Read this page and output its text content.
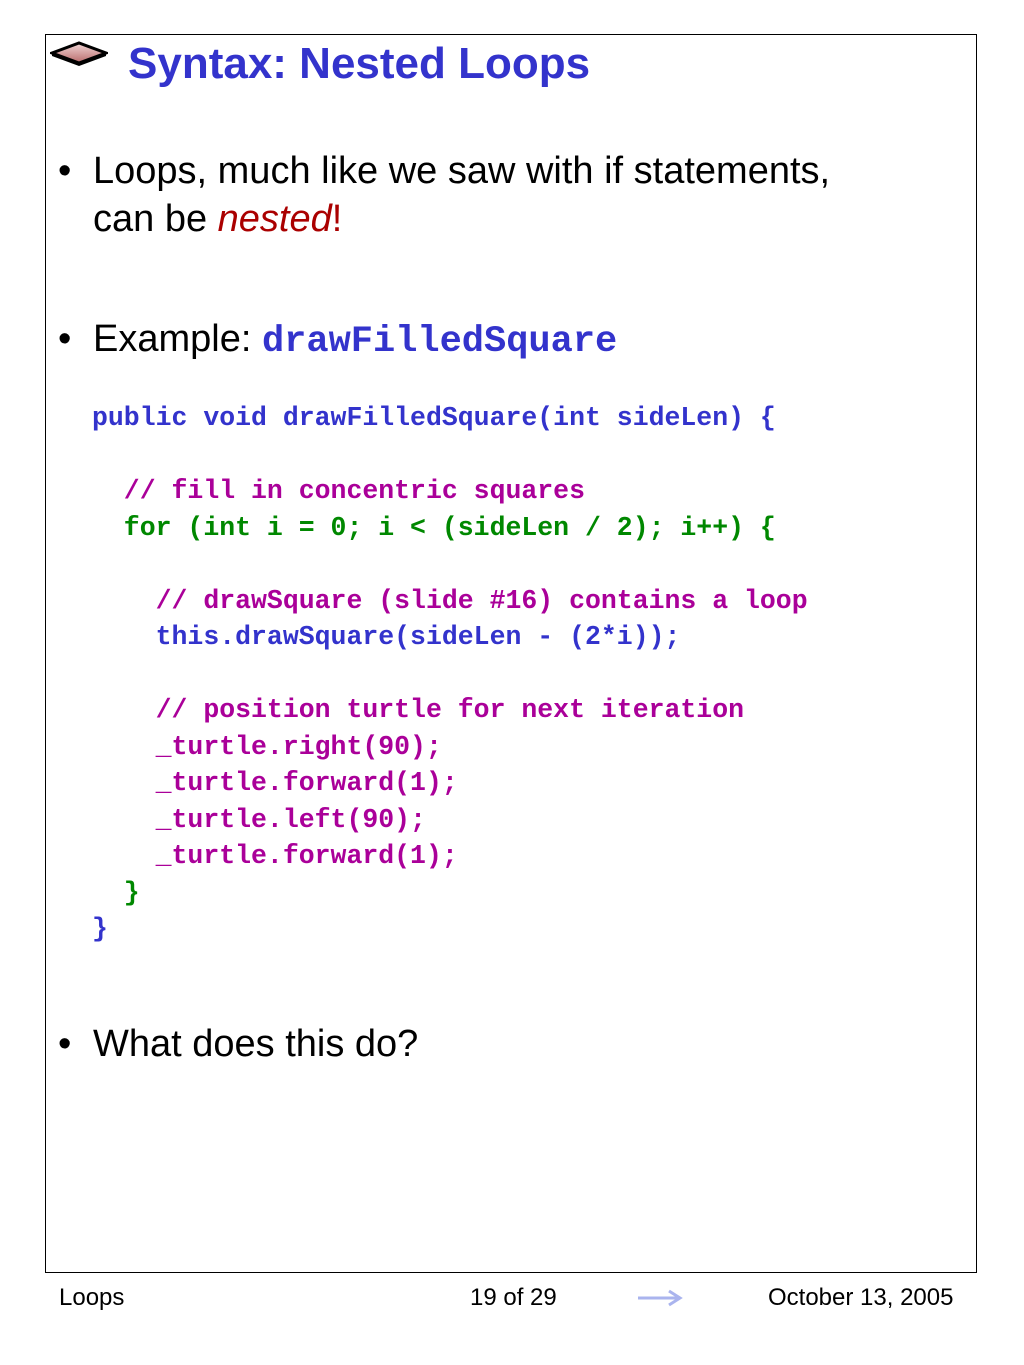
Syntax: Nested Loops
• Loops, much like we saw with if statements,
can be nested!
• Example: drawFilledSquare
public void drawFilledSquare(int sideLen) {
// fill in concentric squares
for (int i = 0; i < (sideLen / 2); i++) {
// drawSquare (slide #16) contains a loop
this.drawSquare(sideLen - (2*i));
// position turtle for next iteration
_turtle.right(90);
_turtle.forward(1);
_turtle.left(90);
_turtle.forward(1);
}
}
• What does this do?
Loops	19 of 29	October 13, 2005
